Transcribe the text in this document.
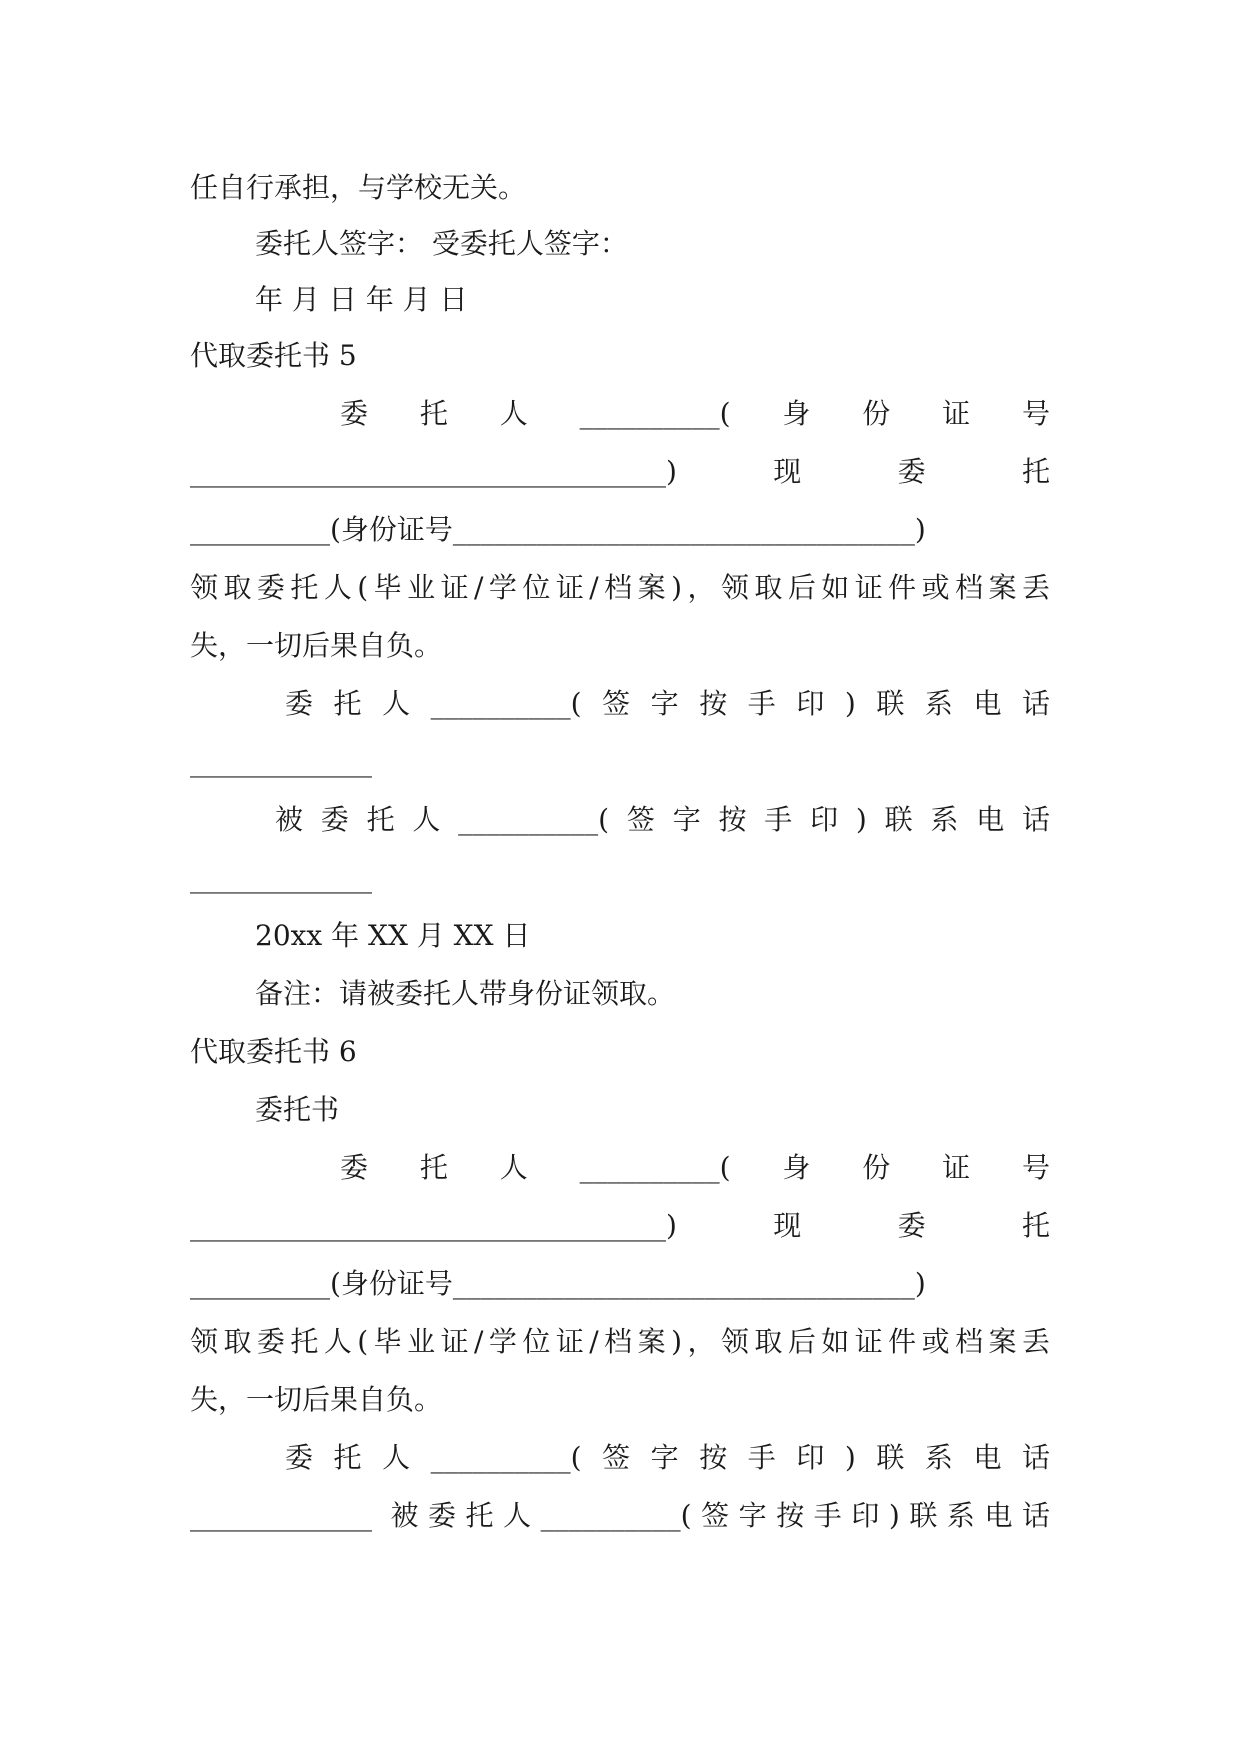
任自行承担，与学校无关。
委托人签字： 受委托人签字：
年 月 日 年 月 日
代取委托书 5
委　托　人　__________(　身　份　证　号
__________________________________)　　现　　委　　托
__________(身份证号_________________________________)
领取委托人(毕业证/学位证/档案)，领取后如证件或档案丢
失，一切后果自负。
委托人__________(签字按手印)联系电话
_____________
被委托人__________(签字按手印)联系电话
_____________
20xx 年 XX 月 XX 日
备注：请被委托人带身份证领取。
代取委托书 6
委托书
委　托　人　__________(　身　份　证　号
__________________________________)　　现　　委　　托
__________(身份证号_________________________________)
领取委托人(毕业证/学位证/档案)，领取后如证件或档案丢
失，一切后果自负。
委托人__________(签字按手印)联系电话
_____________ 被委托人__________(签字按手印)联系电话
